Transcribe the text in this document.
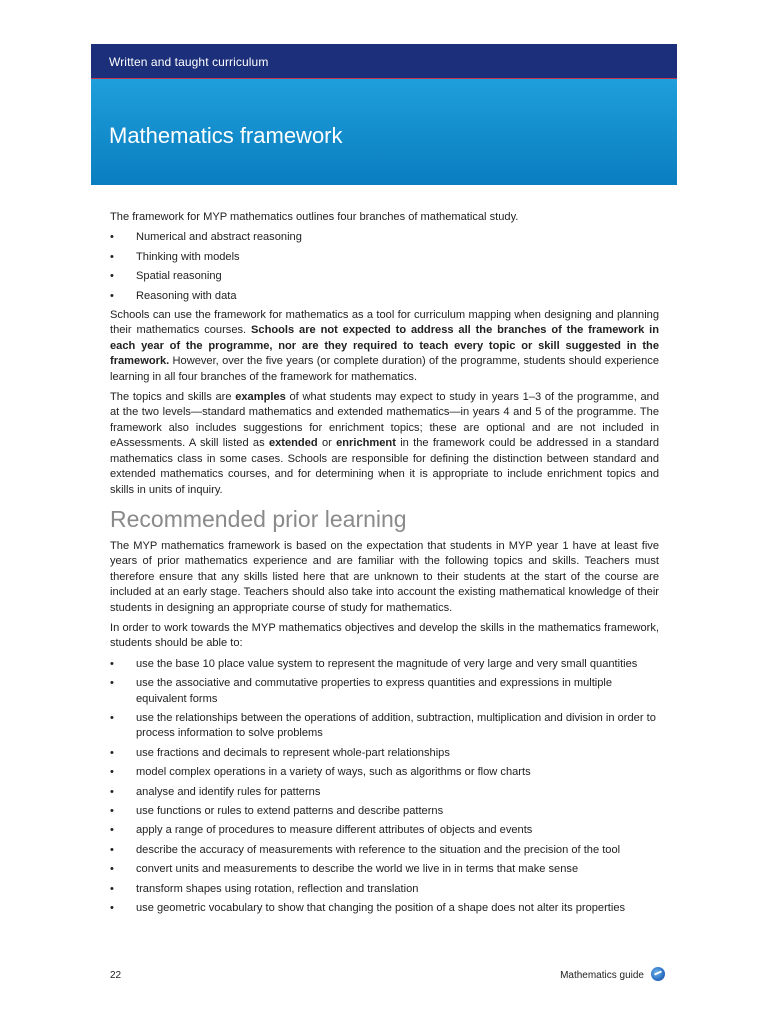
Written and taught curriculum
Mathematics framework

The framework for MYP mathematics outlines four branches of mathematical study.

• Numerical and abstract reasoning
• Thinking with models
• Spatial reasoning
• Reasoning with data

Schools can use the framework for mathematics as a tool for curriculum mapping when designing and planning their mathematics courses. Schools are not expected to address all the branches of the framework in each year of the programme, nor are they required to teach every topic or skill suggested in the framework. However, over the five years (or complete duration) of the programme, students should experience learning in all four branches of the framework for mathematics.

The topics and skills are examples of what students may expect to study in years 1–3 of the programme, and at the two levels—standard mathematics and extended mathematics—in years 4 and 5 of the programme. The framework also includes suggestions for enrichment topics; these are optional and are not included in eAssessments. A skill listed as extended or enrichment in the framework could be addressed in a standard mathematics class in some cases. Schools are responsible for defining the distinction between standard and extended mathematics courses, and for determining when it is appropriate to include enrichment topics and skills in units of inquiry.

Recommended prior learning

The MYP mathematics framework is based on the expectation that students in MYP year 1 have at least five years of prior mathematics experience and are familiar with the following topics and skills. Teachers must therefore ensure that any skills listed here that are unknown to their students at the start of the course are included at an early stage. Teachers should also take into account the existing mathematical knowledge of their students in designing an appropriate course of study for mathematics.

In order to work towards the MYP mathematics objectives and develop the skills in the mathematics framework, students should be able to:

• use the base 10 place value system to represent the magnitude of very large and very small quantities
• use the associative and commutative properties to express quantities and expressions in multiple equivalent forms
• use the relationships between the operations of addition, subtraction, multiplication and division in order to process information to solve problems
• use fractions and decimals to represent whole-part relationships
• model complex operations in a variety of ways, such as algorithms or flow charts
• analyse and identify rules for patterns
• use functions or rules to extend patterns and describe patterns
• apply a range of procedures to measure different attributes of objects and events
• describe the accuracy of measurements with reference to the situation and the precision of the tool
• convert units and measurements to describe the world we live in in terms that make sense
• transform shapes using rotation, reflection and translation
• use geometric vocabulary to show that changing the position of a shape does not alter its properties
22	Mathematics guide
